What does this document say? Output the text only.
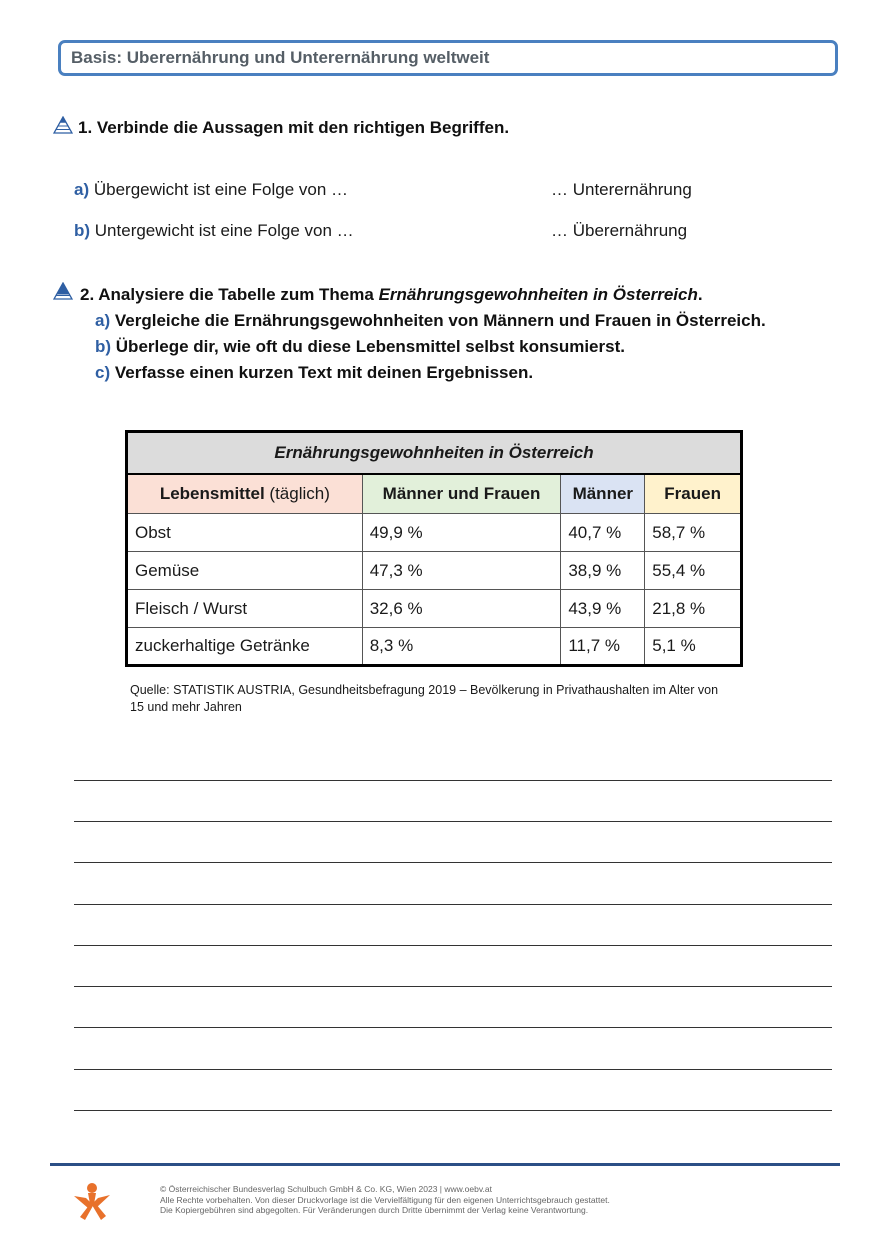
Basis: Uberernährung und Unterernährung weltweit
1. Verbinde die Aussagen mit den richtigen Begriffen.
a) Übergewicht ist eine Folge von …	… Unterernährung
b) Untergewicht ist eine Folge von …	… Überernährung
2. Analysiere die Tabelle zum Thema Ernährungsgewohnheiten in Österreich.
a) Vergleiche die Ernährungsgewohnheiten von Männern und Frauen in Österreich.
b) Überlege dir, wie oft du diese Lebensmittel selbst konsumierst.
c) Verfasse einen kurzen Text mit deinen Ergebnissen.
Ernährungsgewohnheiten in Österreich			
Lebensmittel (täglich)	Männer und Frauen	Männer	Frauen
Obst	49,9 %	40,7 %	58,7 %
Gemüse	47,3 %	38,9 %	55,4 %
Fleisch / Wurst	32,6 %	43,9 %	21,8 %
zuckerhaltige Getränke	8,3 %	11,7 %	5,1 %
Quelle: STATISTIK AUSTRIA, Gesundheitsbefragung 2019 – Bevölkerung in Privathaushalten im Alter von 15 und mehr Jahren
© Österreichischer Bundesverlag Schulbuch GmbH & Co. KG, Wien 2023 | www.oebv.at
Alle Rechte vorbehalten. Von dieser Druckvorlage ist die Vervielfältigung für den eigenen Unterrichtsgebrauch gestattet.
Die Kopiergebühren sind abgegolten. Für Veränderungen durch Dritte übernimmt der Verlag keine Verantwortung.
